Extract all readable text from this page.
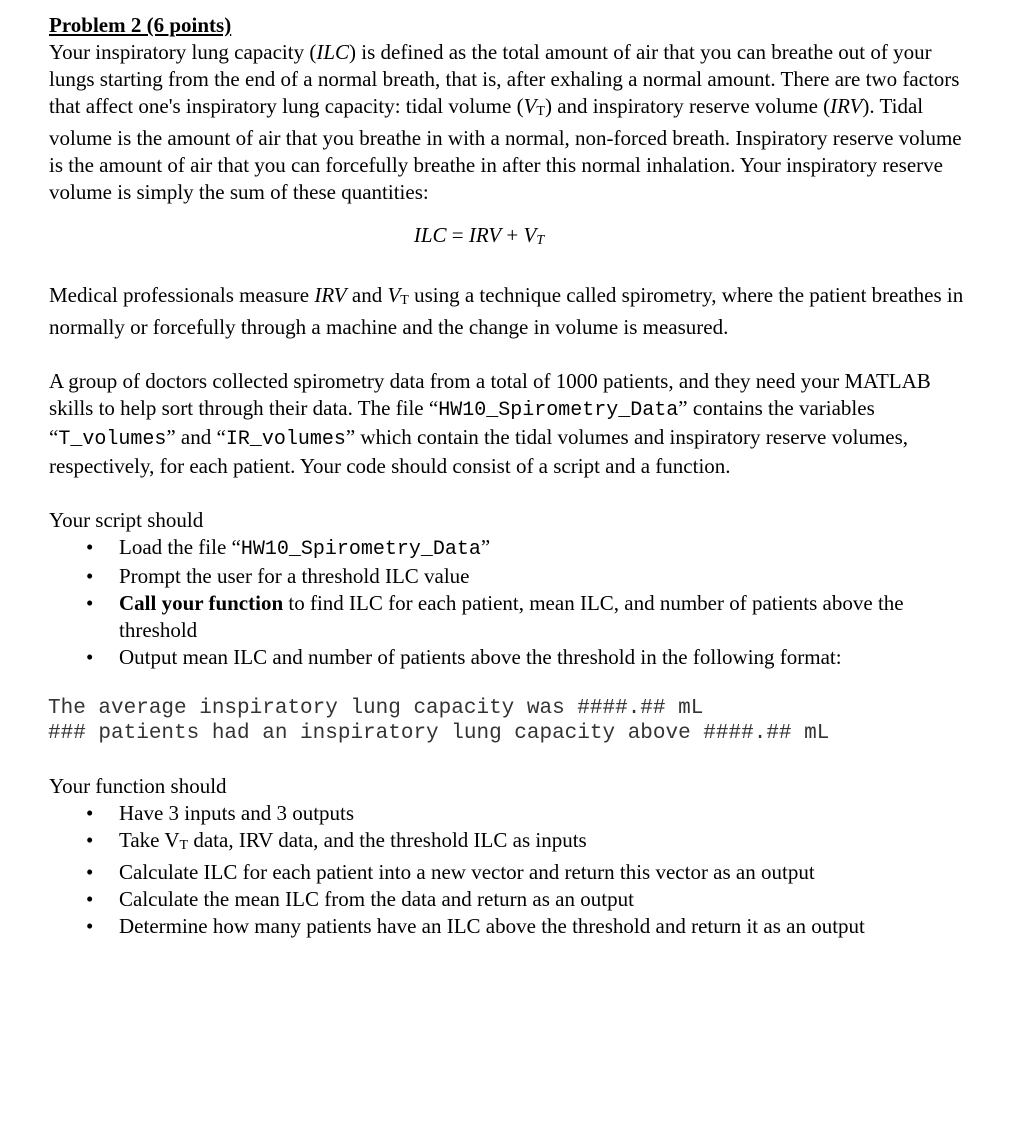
Problem 2 (6 points)

Your inspiratory lung capacity (ILC) is defined as the total amount of air that you can breathe out of your lungs starting from the end of a normal breath, that is, after exhaling a normal amount. There are two factors that affect one's inspiratory lung capacity: tidal volume $(V_T)$ and inspiratory reserve volume (IRV). Tidal volume is the amount of air that you breathe in with a normal, non-forced breath. Inspiratory reserve volume is the amount of air that you can forcefully breathe in after this normal inhalation. Your inspiratory reserve volume is simply the sum of these quantities:

ILC = IRV + $V_T$

Medical professionals measure IRV and $V_T$ using a technique called spirometry, where the patient breathes in normally or forcefully through a machine and the change in volume is measured.

A group of doctors collected spirometry data from a total of 1000 patients, and they need your MATLAB skills to help sort through their data. The file “HW10_Spirometry_Data” contains the variables “T_volumes” and “IR_volumes” which contain the tidal volumes and inspiratory reserve volumes, respectively, for each patient. Your code should consist of a script and a function.

Your script should

• Load the file “HW10_Spirometry_Data”
• Prompt the user for a threshold ILC value
• Call your function to find ILC for each patient, mean ILC, and number of patients above the threshold
• Output mean ILC and number of patients above the threshold in the following format:
The average inspiratory lung capacity was ####.## mL
### patients had an inspiratory lung capacity above ####.## mL

Your function should

• Have 3 inputs and 3 outputs
• Take $V_T$ data, IRV data, and the threshold ILC as inputs
• Calculate ILC for each patient into a new vector and return this vector as an output
• Calculate the mean ILC from the data and return as an output
• Determine how many patients have an ILC above the threshold and return it as an output
